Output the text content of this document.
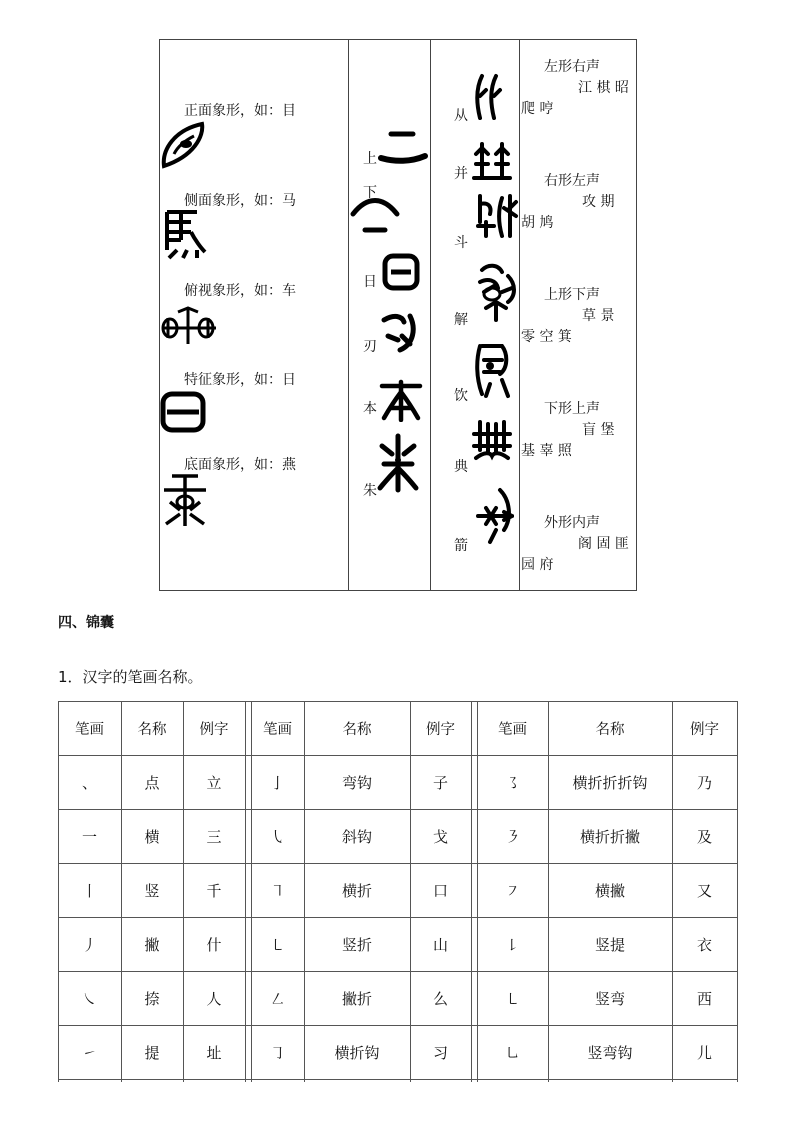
正面象形，如：目
侧面象形，如：马
俯视象形，如：车
特征象形，如：日
底面象形，如：燕
上
下
日
刃
本
朱
从
并
斗
解
饮
典
箭
左形右声
江 棋 昭
爬 哼
右形左声
攻 期
胡 鸠
上形下声
草 景
零 空 箕
下形上声
盲 堡
基 辜 照
外形内声
阁 固 匪
园 府
四、锦囊
1．汉字的笔画名称。
笔画	名称	例字	笔画	名称	例字	笔画	名称	例字
、	点	立	亅	弯钩	子	㇌	横折折折钩	乃
一	横	三	㇂	斜钩	戈	㇋	横折折撇	及
丨	竖	千	㇕	横折	口	㇇	横撇	又
丿	撇	什	㇄	竖折	山	㇙	竖提	衣
㇏	捺	人	㇜	撇折	么	㇄	竖弯	西
㇀	提	址	㇆	横折钩	习	㇟	竖弯钩	儿
